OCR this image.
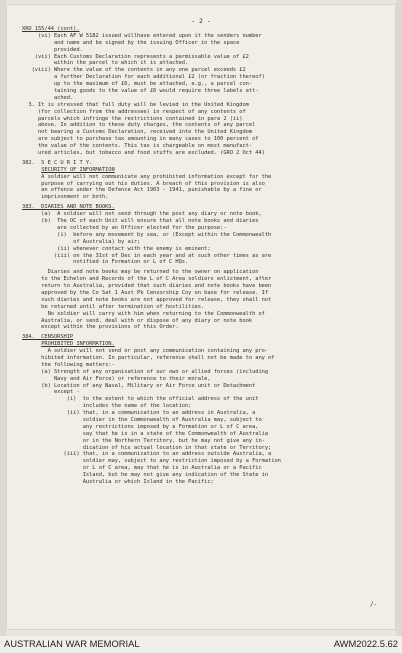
- 2 -
XRO 155/44 (cont).
(vi) Each AF W 5182 issued willhave entered upon it the senders number
and name and be signed by the issuing Officer in the space
provided.
(vii) Each Customs Declaration represents a permissable value of £2
within the parcel to which it is attached.
(viii) Where the value of the contents in any one parcel exceeds £2
a further Declaration for each additional £2 (or fraction thereof)
up to the maximum of £6, must be attached, e.g., a parcel con-
taining goods to the value of £6 would require three labels att-
ached.
3. It is stressed that full duty will be levied in the United Kingdom
(for collection from the addressee) in respect of any contents of
parcels which infringe the restrictions contained in para 2 (ii)
above. In addition to these duty charges, the contents of any parcel
not bearing a Customs Declaration, received into the United Kingdom
are subject to purchase tax amounting in many cases to 100 percent of
the value of the contents. This tax is chargeable on most manufact-
ured articles, but tobacco and food stuffs are excluded. (GRO 2 Oct 44)
382.  S E C U R I T Y.
SECURITY OF INFORMATION
A soldier will not communicate any prohibited information except for the
purpose of carrying out his duties. A breach of this provision is also
an offence under the Defence Act 1903 - 1941, punishable by a fine or
imprisonment or both.
383.  DIARIES AND NOTE BOOKS.
(a)  A soldier will not send through the post any diary or note book,
(b)  The OC of each Unit will ensure that all note books and diaries
are collected by an Officer elected for the purpose:-
(i)  before any movement by sea, or (Except within the Commonwealth
of Australia) by air;
(ii) whenever contact with the enemy is eminent;
(iii) on the 31st of Dec in each year and at such other times as are
notified in Formation or L of C HQs.
Diaries and note books may be returned to the owner on application
to the Echelon and Records of the L of C Area soldiers enlistment, after
return to Australia, provided that such diaries and note books have been
approved by the Co Sat 1 Aust Pk Censorship Coy on base for release. If
such diaries and note books are not approved for release, they shall not
be returned until after termination of hostilities.
No soldier will carry with him when returning to the Commonwealth of
Australia, or send, deal with or dispose of any diary or note book
except within the provisions of this Order.
384.  CENSORSHIP
PROHIBITED INFORMATION.
A soldier will not send or post any communication containing any pro-
hibited information. In particular, reference shall not be made to any of
the following matters:-
(a) Strength of any organisation of our own or allied forces (including
Navy and Air Force) or reference to their morale,
(b) Location of any Naval, Military or Air Force unit or Detachment
except -
(i)  to the extent to which the official address of the unit
includes the name of the location;
(ii) that, in a communication to an address in Australia, a
soldier in the Commonwealth of Australia may, subject to
any restrictions imposed by a Formation or L of C area,
say that he is in a state of the Commonwealth of Australia
or in the Northern Territory, but he may not give any in-
dication of his actual location in that state or Territory;
(iii) that, in a communication to an address outside Australia, a
soldier may, subject to any restriction imposed by a Formation
or L of C area, may that he is in Australia or a Pacific
Island, but he may not give any indication of the State in
Australia or which Island in the Pacific;
/-
AUSTRALIAN WAR MEMORIAL	AWM2022.5.62
